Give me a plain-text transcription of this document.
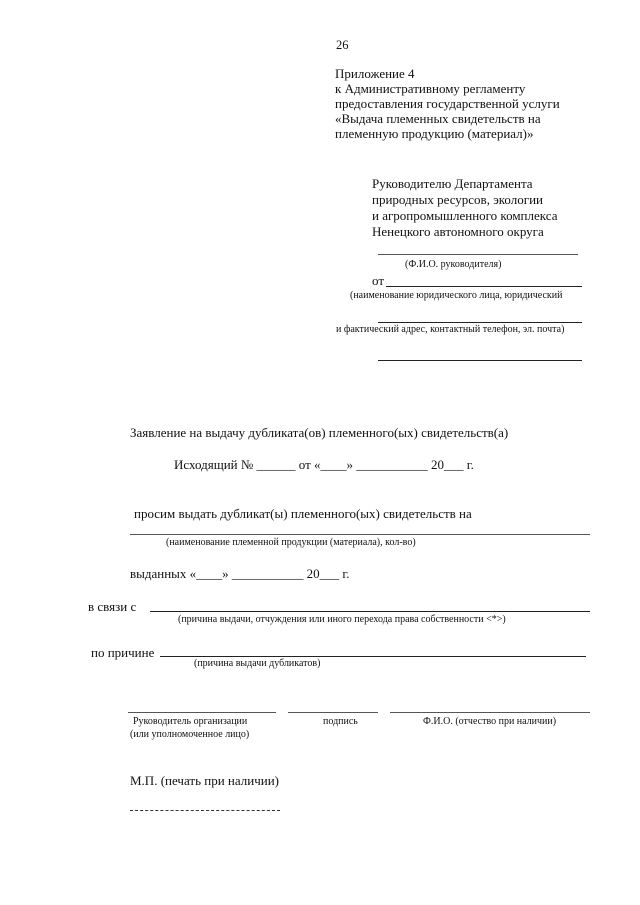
26
Приложение 4
к Административному регламенту
предоставления государственной услуги
«Выдача племенных свидетельств на
племенную продукцию (материал)»
Руководителю Департамента
природных ресурсов, экологии
и агропромышленного комплекса
Ненецкого автономного округа
(Ф.И.О. руководителя)
от
(наименование юридического лица, юридический
и фактический адрес, контактный телефон, эл. почта)
Заявление на выдачу дубликата(ов) племенного(ых) свидетельств(а)
Исходящий № ______ от «____» ___________ 20___ г.
просим выдать дубликат(ы) племенного(ых) свидетельств на
(наименование племенной продукции (материала), кол-во)
выданных «____» ___________ 20___ г.
в связи с
(причина выдачи, отчуждения или иного перехода права собственности <*>)
по причине
(причина выдачи дубликатов)
Руководитель организации
(или уполномоченное лицо)
подпись	Ф.И.О. (отчество при наличии)
М.П. (печать при наличии)
